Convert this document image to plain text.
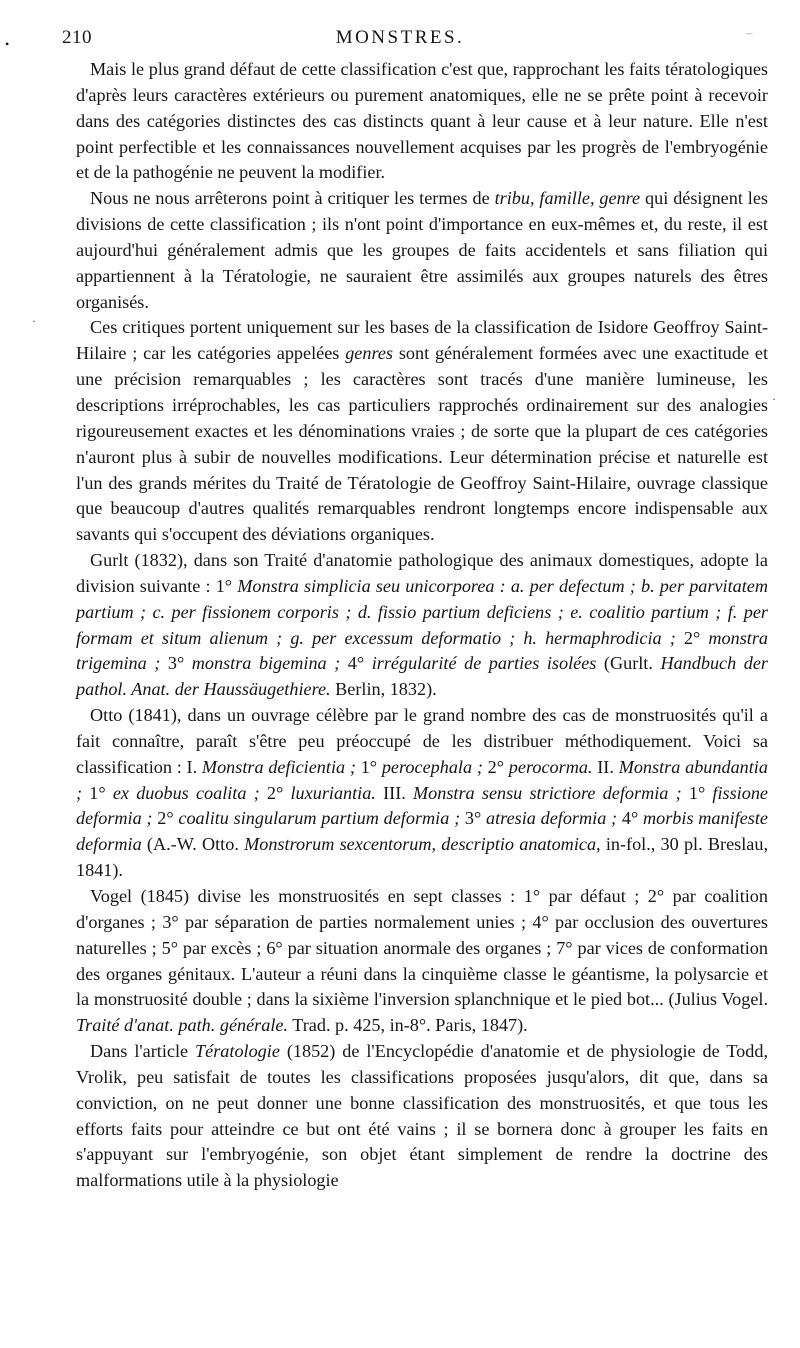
•	210	MONSTRES.	–
·
·

Mais le plus grand défaut de cette classification c'est que, rapprochant les faits tératologiques d'après leurs caractères extérieurs ou purement anatomiques, elle ne se prête point à recevoir dans des catégories distinctes des cas distincts quant à leur cause et à leur nature. Elle n'est point perfectible et les connaissances nouvellement acquises par les progrès de l'embryogénie et de la pathogénie ne peuvent la modifier.

Nous ne nous arrêterons point à critiquer les termes de tribu, famille, genre qui désignent les divisions de cette classification ; ils n'ont point d'importance en eux-mêmes et, du reste, il est aujourd'hui généralement admis que les groupes de faits accidentels et sans filiation qui appartiennent à la Tératologie, ne sauraient être assimilés aux groupes naturels des êtres organisés.

Ces critiques portent uniquement sur les bases de la classification de Isidore Geoffroy Saint-Hilaire ; car les catégories appelées genres sont généralement formées avec une exactitude et une précision remarquables ; les caractères sont tracés d'une manière lumineuse, les descriptions irréprochables, les cas particuliers rapprochés ordinairement sur des analogies rigoureusement exactes et les dénominations vraies ; de sorte que la plupart de ces catégories n'auront plus à subir de nouvelles modifications. Leur détermination précise et naturelle est l'un des grands mérites du Traité de Tératologie de Geoffroy Saint-Hilaire, ouvrage classique que beaucoup d'autres qualités remarquables rendront longtemps encore indispensable aux savants qui s'occupent des déviations organiques.

Gurlt (1832), dans son Traité d'anatomie pathologique des animaux domestiques, adopte la division suivante : 1° Monstra simplicia seu unicorporea : a. per defectum ; b. per parvitatem partium ; c. per fissionem corporis ; d. fissio partium deficiens ; e. coalitio partium ; f. per formam et situm alienum ; g. per excessum deformatio ; h. hermaphrodicia ; 2° monstra trigemina ; 3° monstra bigemina ; 4° irrégularité de parties isolées (Gurlt. Handbuch der pathol. Anat. der Haussäugethiere. Berlin, 1832).

Otto (1841), dans un ouvrage célèbre par le grand nombre des cas de monstruosités qu'il a fait connaître, paraît s'être peu préoccupé de les distribuer méthodiquement. Voici sa classification : I. Monstra deficientia ; 1° perocephala ; 2° perocorma. II. Monstra abundantia ; 1° ex duobus coalita ; 2° luxuriantia. III. Monstra sensu strictiore deformia ; 1° fissione deformia ; 2° coalitu singularum partium deformia ; 3° atresia deformia ; 4° morbis manifeste deformia (A.-W. Otto. Monstrorum sexcentorum, descriptio anatomica, in-fol., 30 pl. Breslau, 1841).

Vogel (1845) divise les monstruosités en sept classes : 1° par défaut ; 2° par coalition d'organes ; 3° par séparation de parties normalement unies ; 4° par occlusion des ouvertures naturelles ; 5° par excès ; 6° par situation anormale des organes ; 7° par vices de conformation des organes génitaux. L'auteur a réuni dans la cinquième classe le géantisme, la polysarcie et la monstruosité double ; dans la sixième l'inversion splanchnique et le pied bot... (Julius Vogel. Traité d'anat. path. générale. Trad. p. 425, in-8°. Paris, 1847).

Dans l'article Tératologie (1852) de l'Encyclopédie d'anatomie et de physiologie de Todd, Vrolik, peu satisfait de toutes les classifications proposées jusqu'alors, dit que, dans sa conviction, on ne peut donner une bonne classification des monstruosités, et que tous les efforts faits pour atteindre ce but ont été vains ; il se bornera donc à grouper les faits en s'appuyant sur l'embryogénie, son objet étant simplement de rendre la doctrine des malformations utile à la physiologie
